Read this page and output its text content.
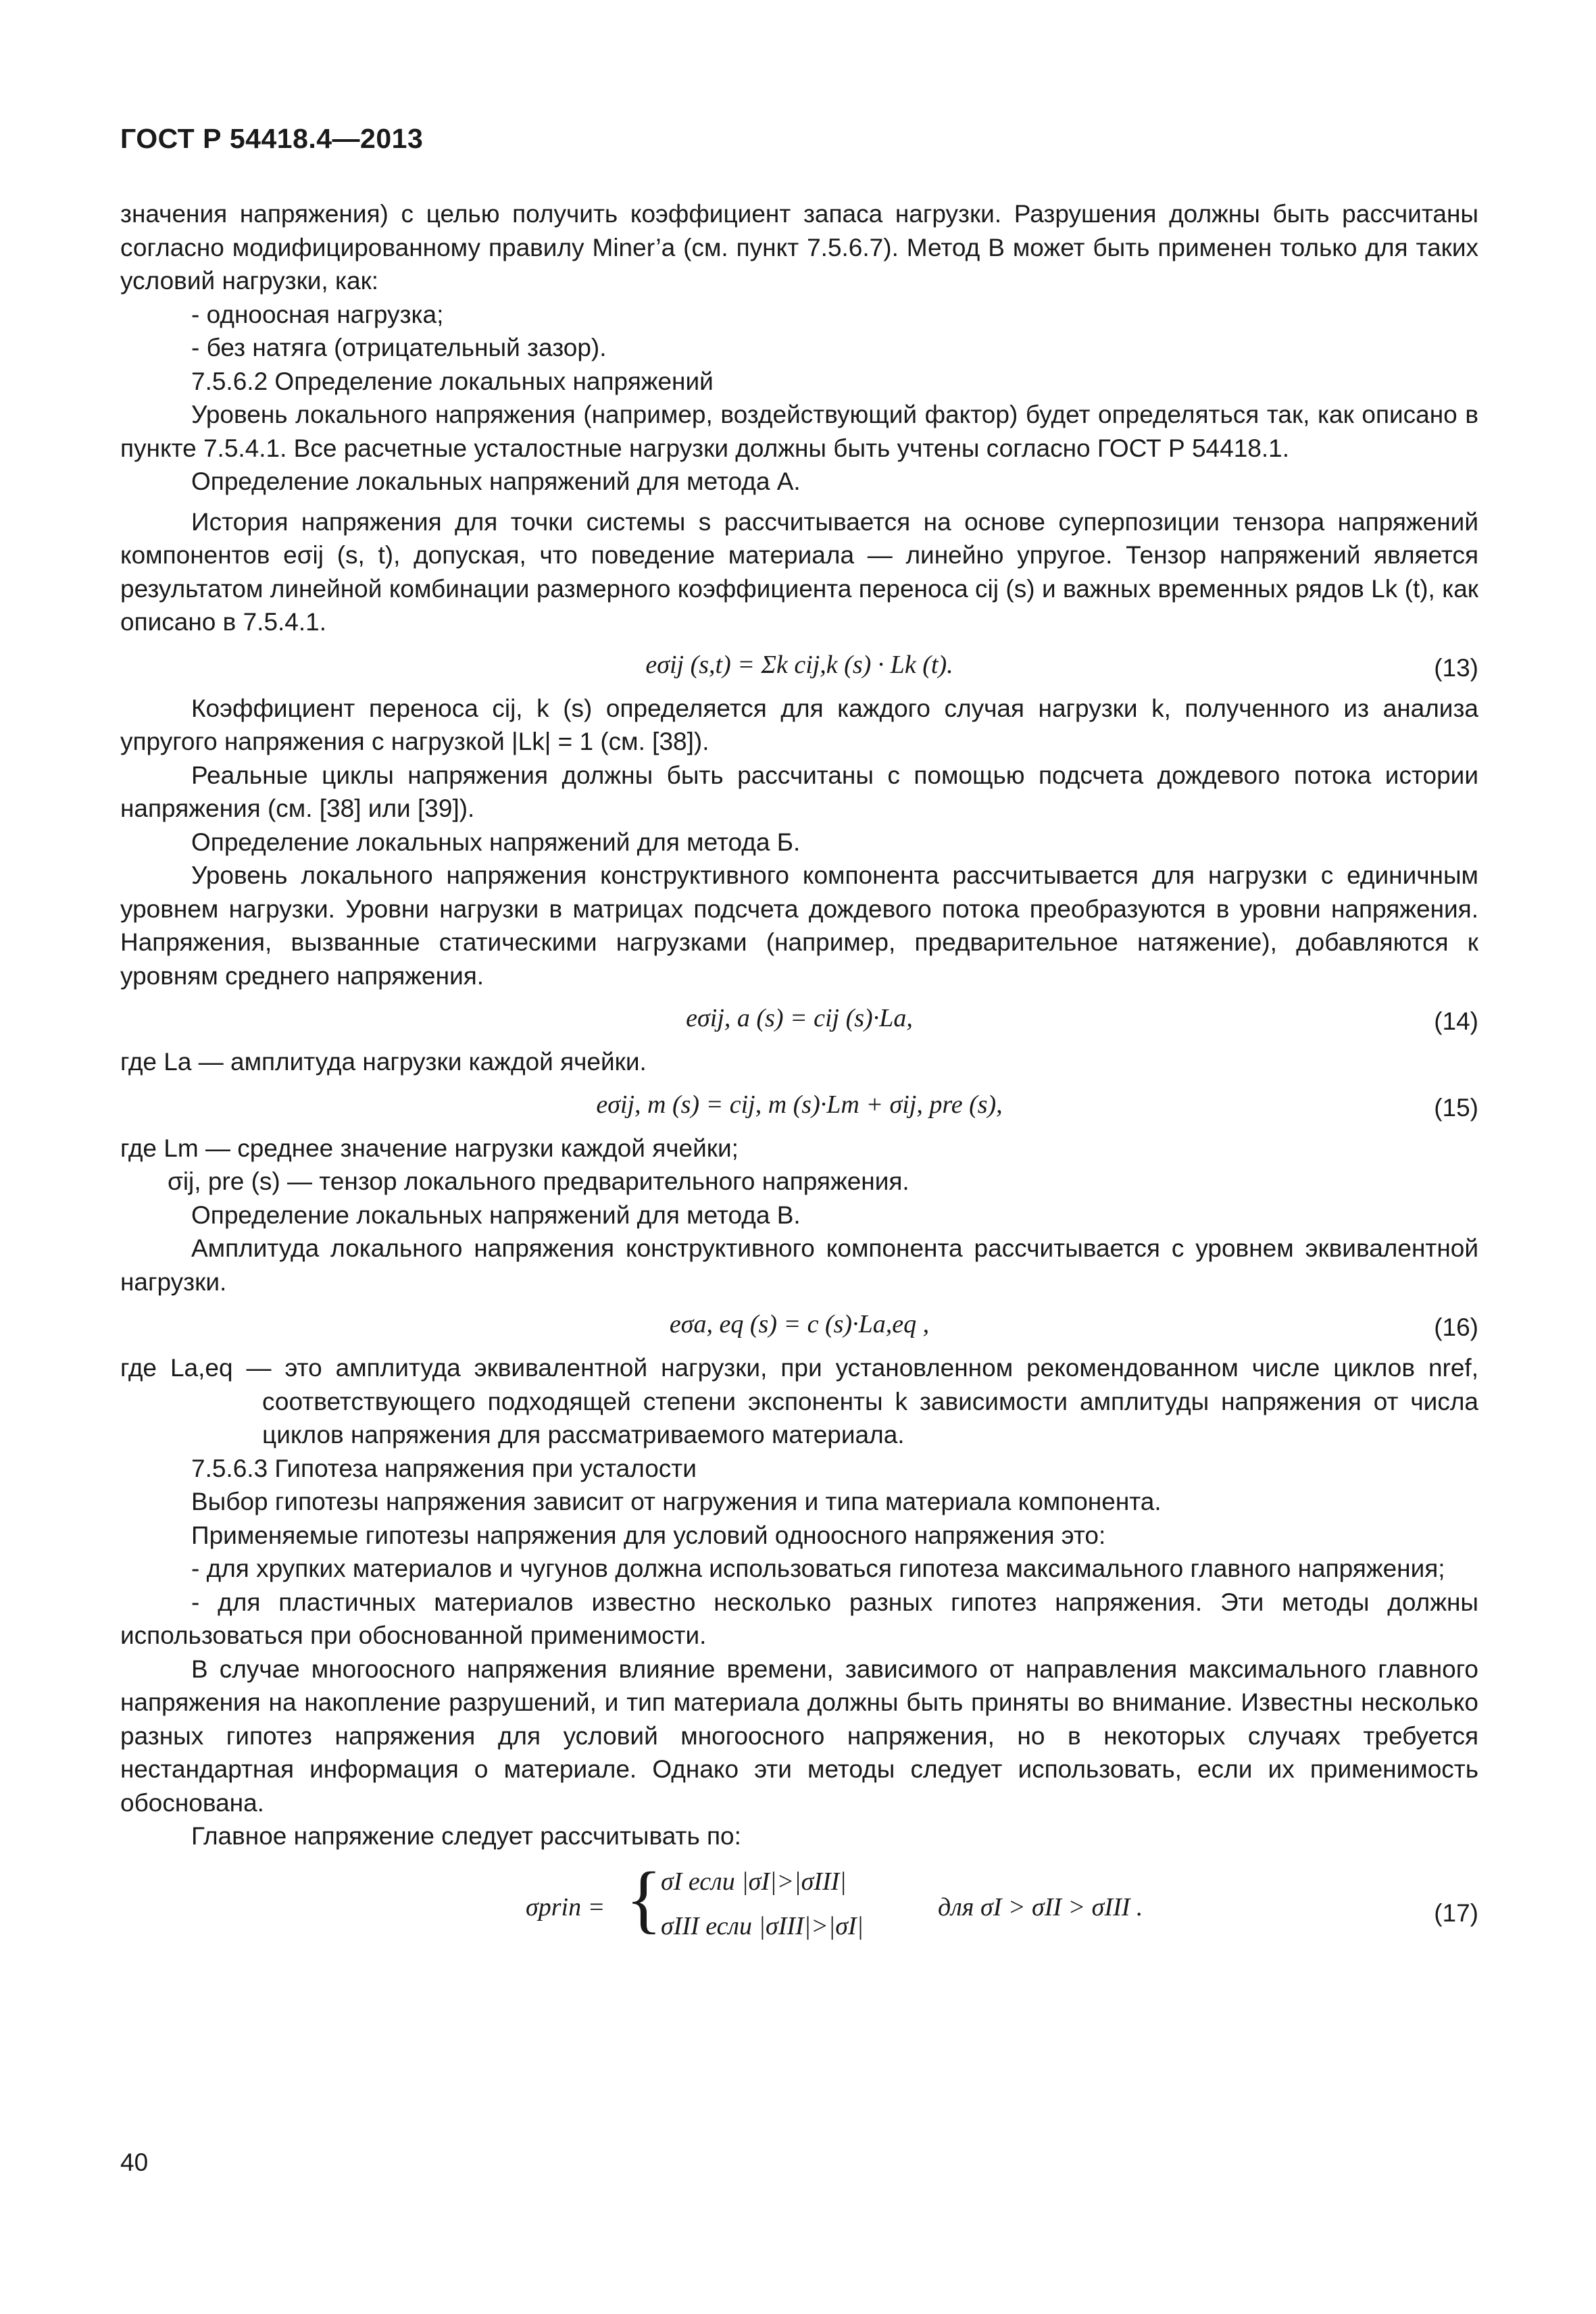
ГОСТ Р 54418.4—2013

значения напряжения) с целью получить коэффициент запаса нагрузки. Разрушения должны быть рассчитаны согласно модифицированному правилу Miner’a (см. пункт 7.5.6.7). Метод В может быть применен только для таких условий нагрузки, как:

- одноосная нагрузка;

- без натяга (отрицательный зазор).

7.5.6.2 Определение локальных напряжений

Уровень локального напряжения (например, воздействующий фактор) будет определяться так, как описано в пункте 7.5.4.1. Все расчетные усталостные нагрузки должны быть учтены согласно ГОСТ Р 54418.1.

Определение локальных напряжений для метода А.

История напряжения для точки системы s рассчитывается на основе суперпозиции тензора напряжений компонентов eσij (s, t), допуская, что поведение материала — линейно упругое. Тензор напряжений является результатом линейной комбинации размерного коэффициента переноса cij (s) и важных временных рядов Lk (t), как описано в 7.5.4.1.

eσij (s,t) = Σk cij,k (s) · Lk (t).	(13)

Коэффициент переноса cij, k (s) определяется для каждого случая нагрузки k, полученного из анализа упругого напряжения с нагрузкой |Lk| = 1 (см. [38]).

Реальные циклы напряжения должны быть рассчитаны с помощью подсчета дождевого потока истории напряжения (см. [38] или [39]).

Определение локальных напряжений для метода Б.

Уровень локального напряжения конструктивного компонента рассчитывается для нагрузки с единичным уровнем нагрузки. Уровни нагрузки в матрицах подсчета дождевого потока преобразуются в уровни напряжения. Напряжения, вызванные статическими нагрузками (например, предварительное натяжение), добавляются к уровням среднего напряжения.

eσij, a (s) = cij (s)·La,	(14)

где La — амплитуда нагрузки каждой ячейки.

eσij, m (s) = cij, m (s)·Lm + σij, pre (s),	(15)

где Lm — среднее значение нагрузки каждой ячейки;

σij, pre (s) — тензор локального предварительного напряжения.

Определение локальных напряжений для метода В.

Амплитуда локального напряжения конструктивного компонента рассчитывается с уровнем эквивалентной нагрузки.

eσa, eq (s) = c (s)·La,eq ,	(16)

где La,eq — это амплитуда эквивалентной нагрузки, при установленном рекомендованном числе циклов nref, соответствующего подходящей степени экспоненты k зависимости амплитуды напряжения от числа циклов напряжения для рассматриваемого материала.

7.5.6.3 Гипотеза напряжения при усталости

Выбор гипотезы напряжения зависит от нагружения и типа материала компонента.

Применяемые гипотезы напряжения для условий одноосного напряжения это:

- для хрупких материалов и чугунов должна использоваться гипотеза максимального главного напряжения;

- для пластичных материалов известно несколько разных гипотез напряжения. Эти методы должны использоваться при обоснованной применимости.

В случае многоосного напряжения влияние времени, зависимого от направления максимального главного напряжения на накопление разрушений, и тип материала должны быть приняты во внимание. Известны несколько разных гипотез напряжения для условий многоосного напряжения, но в некоторых случаях требуется нестандартная информация о материале. Однако эти методы следует использовать, если их применимость обоснована.

Главное напряжение следует рассчитывать по:

σprin = {
σI если |σI|>|σIII|
σIII если |σIII|>|σI|
для σI > σII > σIII .	(17)
40
